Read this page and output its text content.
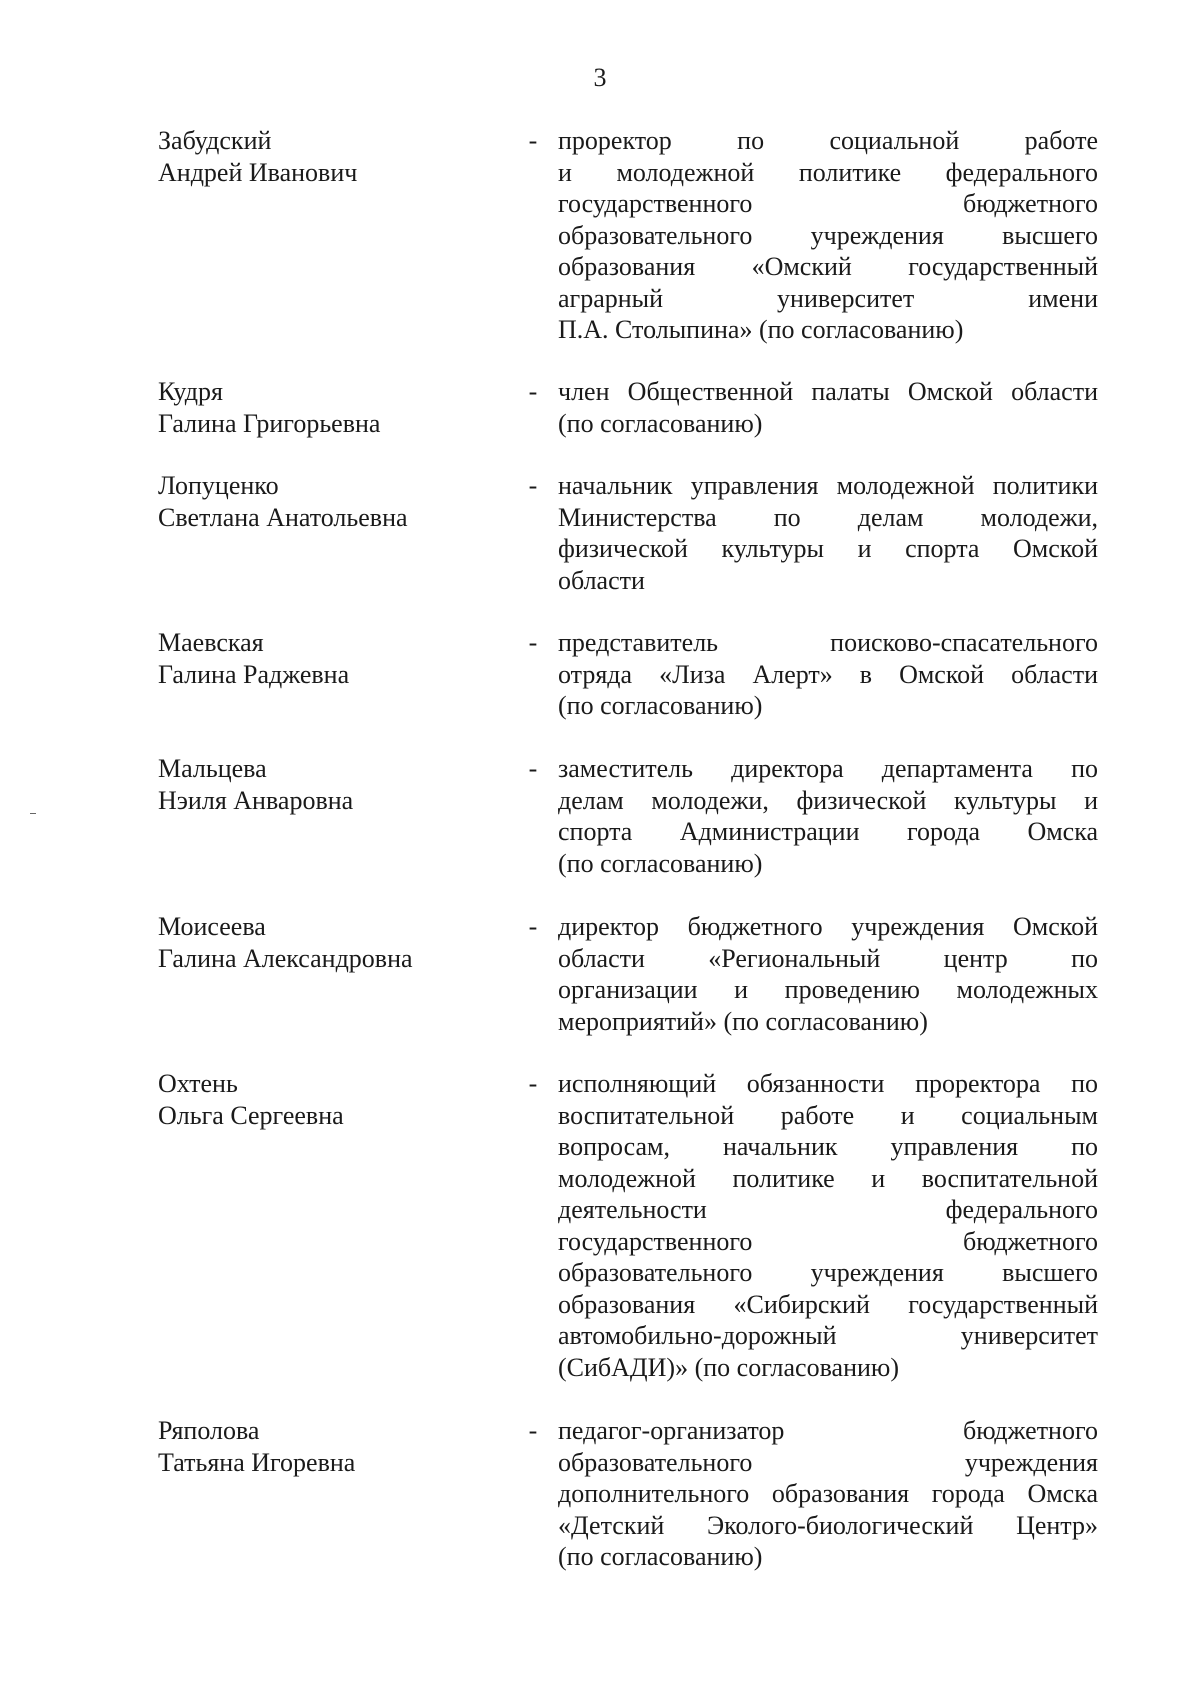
3
Забудский
Андрей Иванович
- проректор по социальной работе
и молодежной политике федерального
государственного бюджетного
образовательного учреждения высшего
образования «Омский государственный
аграрный университет имени
П.А. Столыпина» (по согласованию)
Кудря
Галина Григорьевна
- член Общественной палаты Омской области
(по согласованию)
Лопуценко
Светлана Анатольевна
- начальник управления молодежной политики
Министерства по делам молодежи,
физической культуры и спорта Омской
области
Маевская
Галина Раджевна
- представитель поисково-спасательного
отряда «Лиза Алерт» в Омской области
(по согласованию)
Мальцева
Нэиля Анваровна
- заместитель директора департамента по
делам молодежи, физической культуры и
спорта Администрации города Омска
(по согласованию)
Моисеева
Галина Александровна
- директор бюджетного учреждения Омской
области «Региональный центр по
организации и проведению молодежных
мероприятий» (по согласованию)
Охтень
Ольга Сергеевна
- исполняющий обязанности проректора по
воспитательной работе и социальным
вопросам, начальник управления по
молодежной политике и воспитательной
деятельности федерального
государственного бюджетного
образовательного учреждения высшего
образования «Сибирский государственный
автомобильно-дорожный университет
(СибАДИ)» (по согласованию)
Ряполова
Татьяна Игоревна
- педагог-организатор бюджетного
образовательного учреждения
дополнительного образования города Омска
«Детский Эколого-биологический Центр»
(по согласованию)
